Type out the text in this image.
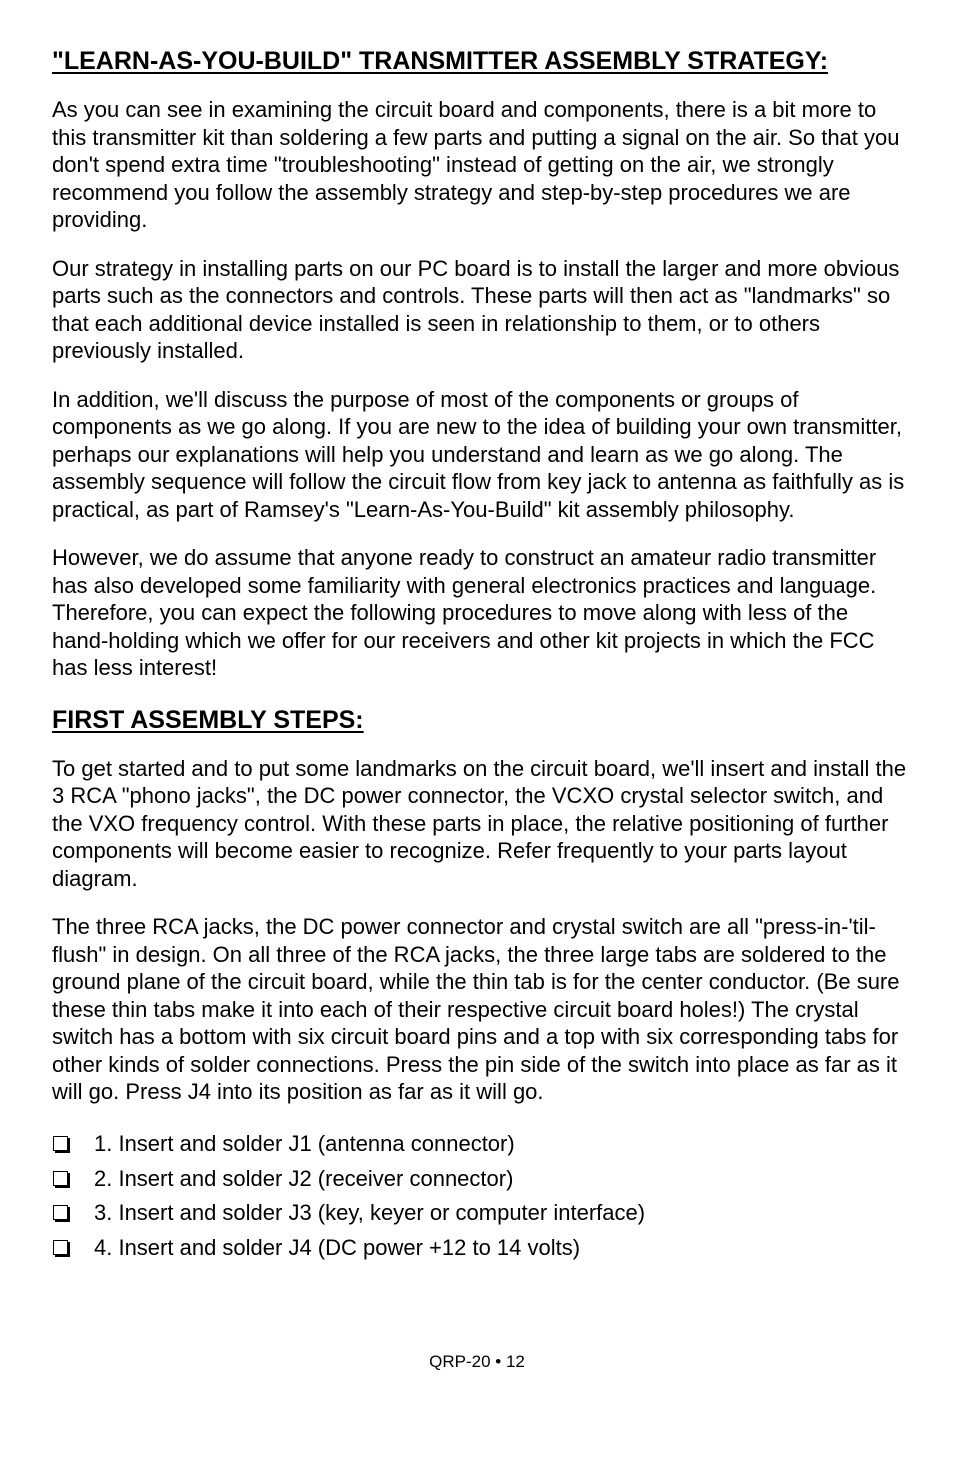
"LEARN-AS-YOU-BUILD" TRANSMITTER ASSEMBLY STRATEGY:

As you can see in examining the circuit board and components, there is a bit more to this transmitter kit than soldering a few parts and putting a signal on the air. So that you don't spend extra time "troubleshooting" instead of getting on the air, we strongly recommend you follow the assembly strategy and step-by-step procedures we are providing.

Our strategy in installing parts on our PC board is to install the larger and more obvious parts such as the connectors and controls. These parts will then act as "landmarks" so that each additional device installed is seen in relationship to them, or to others previously installed.

In addition, we'll discuss the purpose of most of the components or groups of components as we go along. If you are new to the idea of building your own transmitter, perhaps our explanations will help you understand and learn as we go along. The assembly sequence will follow the circuit flow from key jack to antenna as faithfully as is practical, as part of Ramsey's "Learn-As-You-Build" kit assembly philosophy.

However, we do assume that anyone ready to construct an amateur radio transmitter has also developed some familiarity with general electronics practices and language. Therefore, you can expect the following procedures to move along with less of the hand-holding which we offer for our receivers and other kit projects in which the FCC has less interest!

FIRST ASSEMBLY STEPS:

To get started and to put some landmarks on the circuit board, we'll insert and install the 3 RCA "phono jacks", the DC power connector, the VCXO crystal selector switch, and the VXO frequency control. With these parts in place, the relative positioning of further components will become easier to recognize. Refer frequently to your parts layout diagram.

The three RCA jacks, the DC power connector and crystal switch are all "press-in-'til-flush" in design. On all three of the RCA jacks, the three large tabs are soldered to the ground plane of the circuit board, while the thin tab is for the center conductor. (Be sure these thin tabs make it into each of their respective circuit board holes!) The crystal switch has a bottom with six circuit board pins and a top with six corresponding tabs for other kinds of solder connections. Press the pin side of the switch into place as far as it will go. Press J4 into its position as far as it will go.

1. Insert and solder J1 (antenna connector)
2. Insert and solder J2 (receiver connector)
3. Insert and solder J3 (key, keyer or computer interface)
4. Insert and solder J4 (DC power +12 to 14 volts)
QRP-20 • 12
